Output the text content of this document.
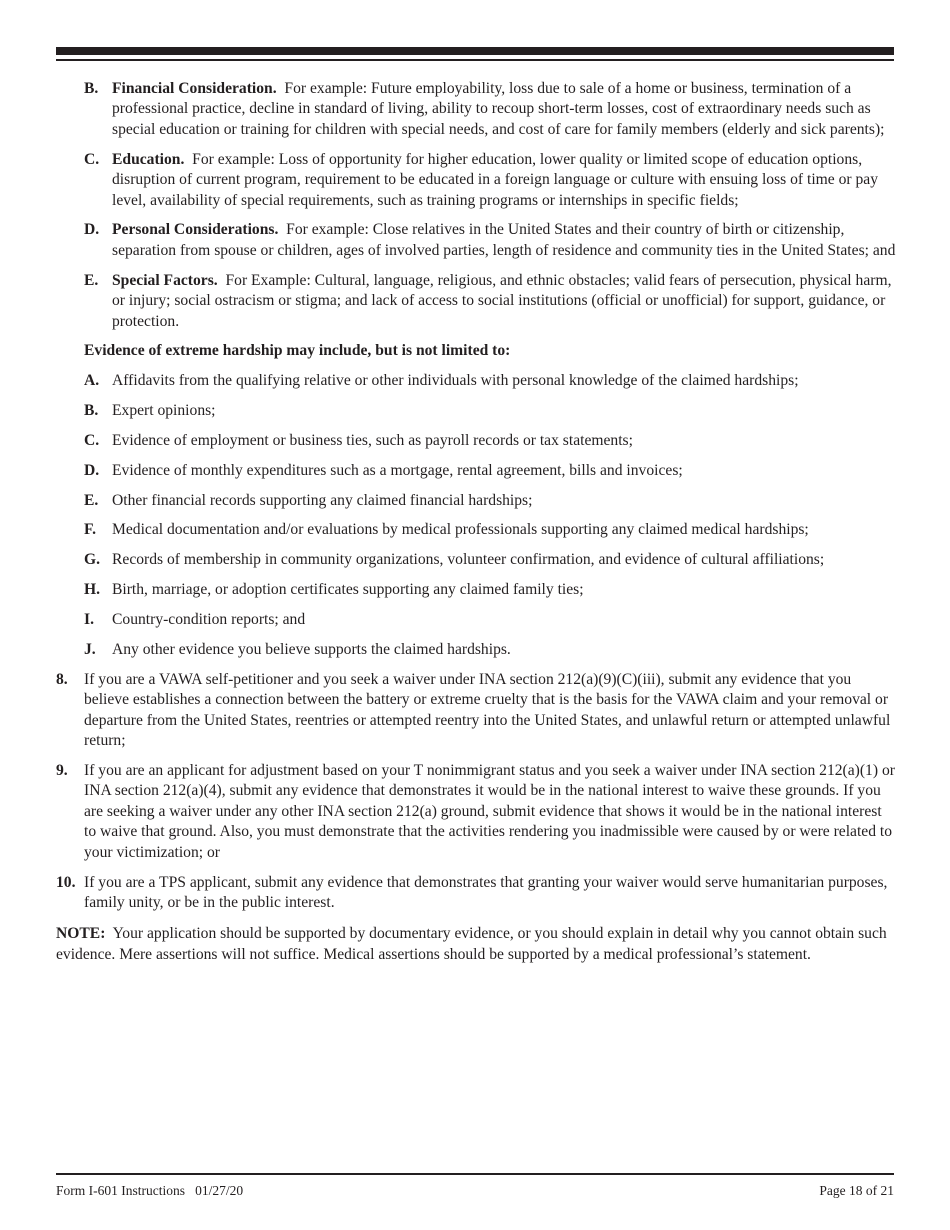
B. Financial Consideration. For example: Future employability, loss due to sale of a home or business, termination of a professional practice, decline in standard of living, ability to recoup short-term losses, cost of extraordinary needs such as special education or training for children with special needs, and cost of care for family members (elderly and sick parents);
C. Education. For example: Loss of opportunity for higher education, lower quality or limited scope of education options, disruption of current program, requirement to be educated in a foreign language or culture with ensuing loss of time or pay level, availability of special requirements, such as training programs or internships in specific fields;
D. Personal Considerations. For example: Close relatives in the United States and their country of birth or citizenship, separation from spouse or children, ages of involved parties, length of residence and community ties in the United States; and
E. Special Factors. For Example: Cultural, language, religious, and ethnic obstacles; valid fears of persecution, physical harm, or injury; social ostracism or stigma; and lack of access to social institutions (official or unofficial) for support, guidance, or protection.
Evidence of extreme hardship may include, but is not limited to:
A. Affidavits from the qualifying relative or other individuals with personal knowledge of the claimed hardships;
B. Expert opinions;
C. Evidence of employment or business ties, such as payroll records or tax statements;
D. Evidence of monthly expenditures such as a mortgage, rental agreement, bills and invoices;
E. Other financial records supporting any claimed financial hardships;
F.	Medical documentation and/or evaluations by medical professionals supporting any claimed medical hardships;
G. Records of membership in community organizations, volunteer confirmation, and evidence of cultural affiliations;
H. Birth, marriage, or adoption certificates supporting any claimed family ties;
I.	Country-condition reports; and
J.	Any other evidence you believe supports the claimed hardships.
8.	If you are a VAWA self-petitioner and you seek a waiver under INA section 212(a)(9)(C)(iii), submit any evidence that you believe establishes a connection between the battery or extreme cruelty that is the basis for the VAWA claim and your removal or departure from the United States, reentries or attempted reentry into the United States, and unlawful return or attempted unlawful return;
9.	If you are an applicant for adjustment based on your T nonimmigrant status and you seek a waiver under INA section 212(a)(1) or INA section 212(a)(4), submit any evidence that demonstrates it would be in the national interest to waive these grounds. If you are seeking a waiver under any other INA section 212(a) ground, submit evidence that shows it would be in the national interest to waive that ground. Also, you must demonstrate that the activities rendering you inadmissible were caused by or were related to your victimization; or
10. If you are a TPS applicant, submit any evidence that demonstrates that granting your waiver would serve humanitarian purposes, family unity, or be in the public interest.
NOTE: Your application should be supported by documentary evidence, or you should explain in detail why you cannot obtain such evidence. Mere assertions will not suffice. Medical assertions should be supported by a medical professional’s statement.
Form I-601 Instructions   01/27/20	Page 18 of 21
